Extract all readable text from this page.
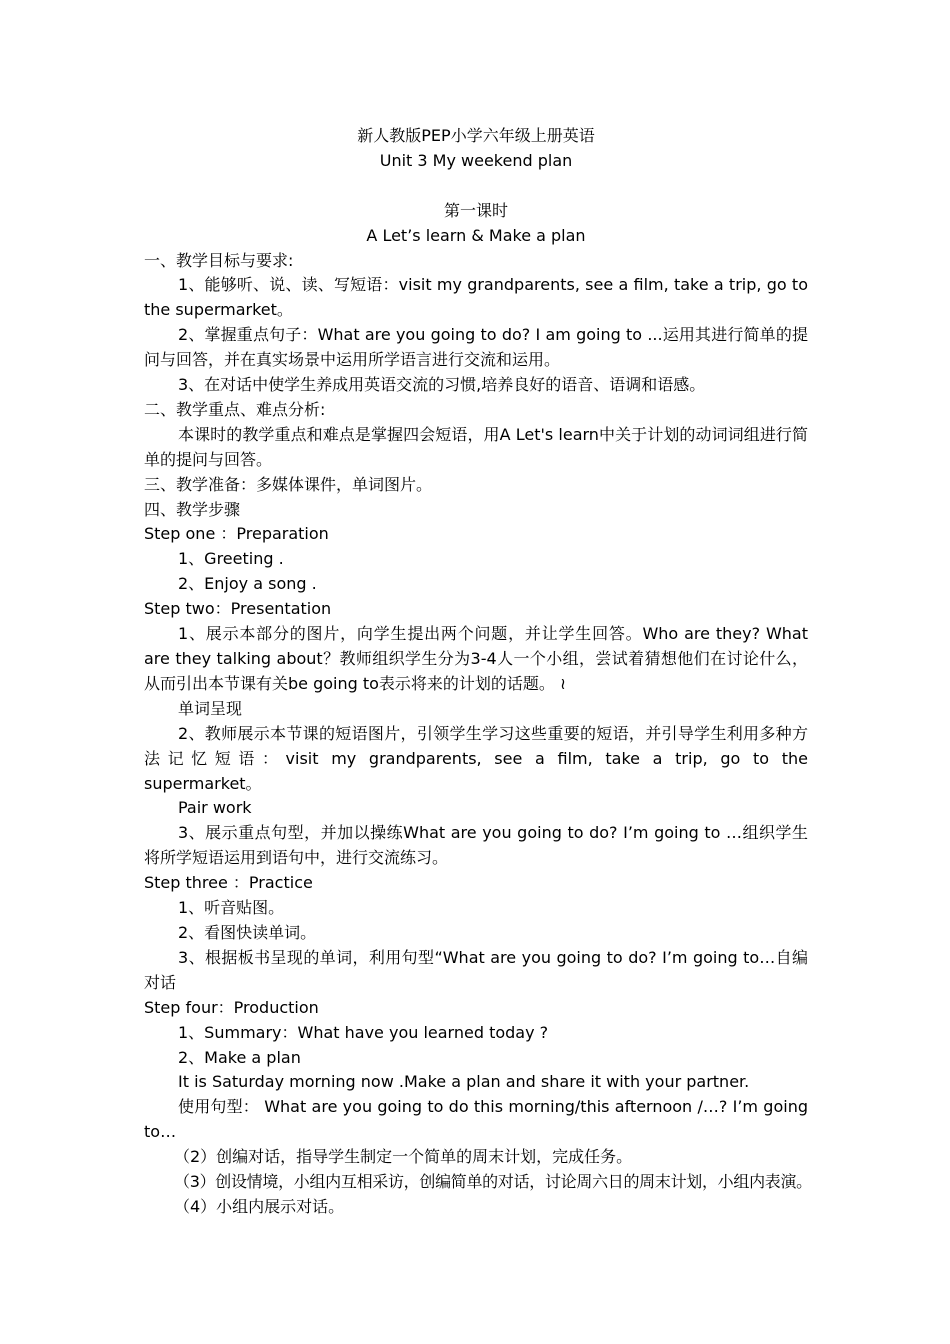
新人教版PEP小学六年级上册英语

Unit 3 My weekend plan

第一课时

A Let’s learn & Make a plan

一、教学目标与要求:

1、能够听、说、读、写短语：visit my grandparents, see a film, take a trip, go to the supermarket。

2、掌握重点句子：What are you going to do? I am going to ...运用其进行简单的提问与回答，并在真实场景中运用所学语言进行交流和运用。

3、在对话中使学生养成用英语交流的习惯,培养良好的语音、语调和语感。

二、教学重点、难点分析:

本课时的教学重点和难点是掌握四会短语，用A Let's learn中关于计划的动词词组进行简单的提问与回答。

三、教学准备：多媒体课件，单词图片。

四、教学步骤

Step one ：Preparation

1、Greeting .

2、Enjoy a song .

Step two：Presentation

1、展示本部分的图片，向学生提出两个问题，并让学生回答。Who are they? What are they talking about？教师组织学生分为3-4人一个小组，尝试着猜想他们在讨论什么，从而引出本节课有关be going to表示将来的计划的话题。 ≀

单词呈现

2、教师展示本节课的短语图片，引领学生学习这些重要的短语，并引导学生利用多种方

法记忆短语：visit my grandparents, see a film, take a trip, go to the

supermarket。

Pair work

3、展示重点句型，并加以操练What are you going to do? I’m going to …组织学生将所学短语运用到语句中，进行交流练习。

Step three ：Practice

1、听音贴图。

2、看图快读单词。

3、根据板书呈现的单词，利用句型“What are you going to do? I’m going to…自编对话

Step four：Production

1、Summary：What have you learned today ?

2、Make a plan

It is Saturday morning now .Make a plan and share it with your partner.

使用句型： What are you going to do this morning/this afternoon /…? I’m going to…

（2）创编对话，指导学生制定一个简单的周末计划，完成任务。

（3）创设情境，小组内互相采访，创编简单的对话，讨论周六日的周末计划，小组内表演。

（4）小组内展示对话。
